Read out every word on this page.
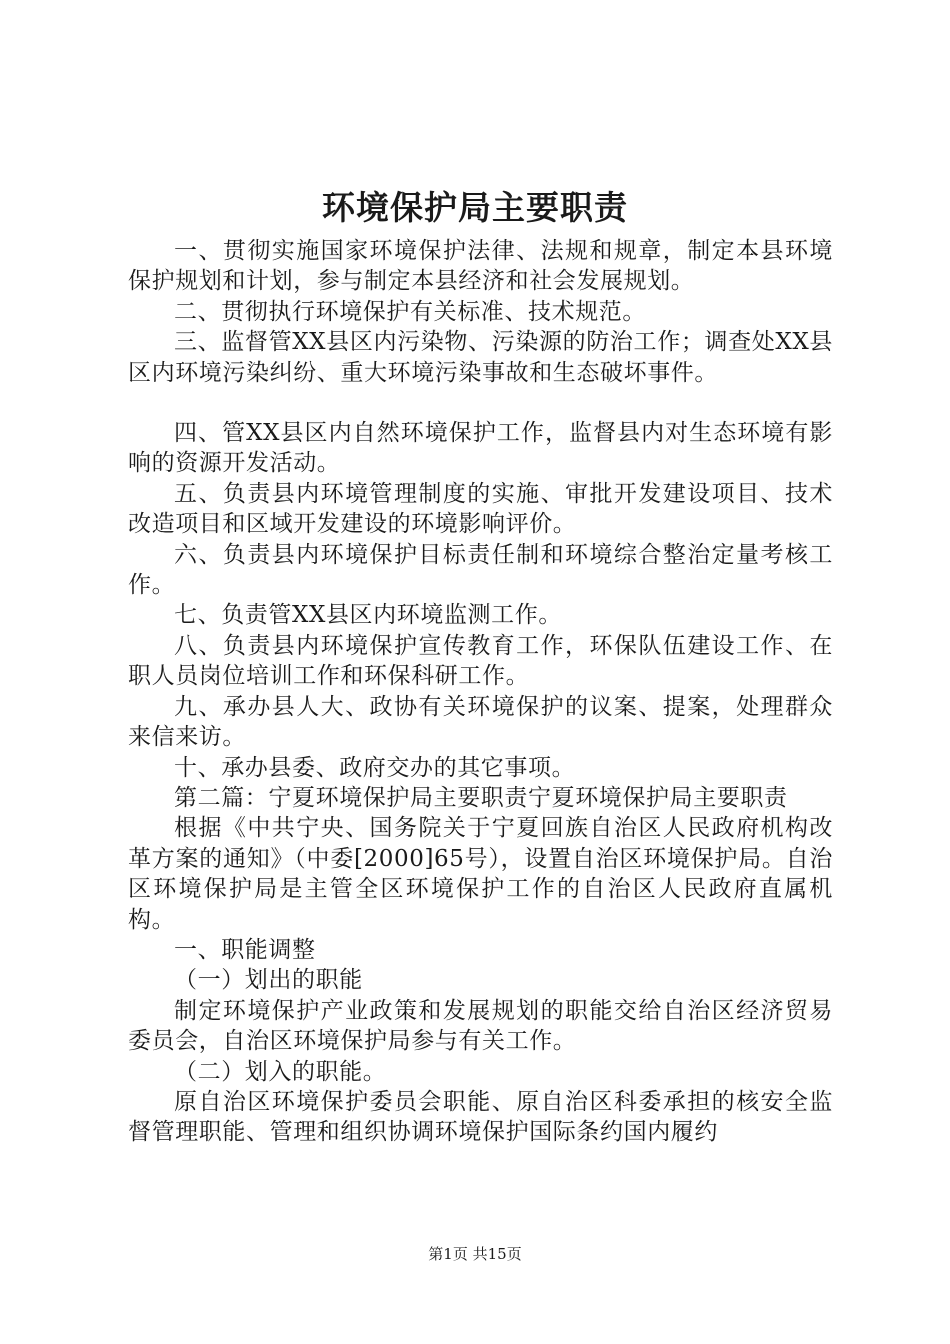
环境保护局主要职责

一、贯彻实施国家环境保护法律、法规和规章，制定本县环境保护规划和计划，参与制定本县经济和社会发展规划。

二、贯彻执行环境保护有关标准、技术规范。

三、监督管XX县区内污染物、污染源的防治工作；调查处XX县区内环境污染纠纷、重大环境污染事故和生态破坏事件。

四、管XX县区内自然环境保护工作，监督县内对生态环境有影响的资源开发活动。

五、负责县内环境管理制度的实施、审批开发建设项目、技术改造项目和区域开发建设的环境影响评价。

六、负责县内环境保护目标责任制和环境综合整治定量考核工作。

七、负责管XX县区内环境监测工作。

八、负责县内环境保护宣传教育工作，环保队伍建设工作、在职人员岗位培训工作和环保科研工作。

九、承办县人大、政协有关环境保护的议案、提案，处理群众来信来访。

十、承办县委、政府交办的其它事项。

第二篇：宁夏环境保护局主要职责宁夏环境保护局主要职责

根据《中共宁央、国务院关于宁夏回族自治区人民政府机构改革方案的通知》（中委[2000]65号），设置自治区环境保护局。自治区环境保护局是主管全区环境保护工作的自治区人民政府直属机构。

一、职能调整

（一）划出的职能

制定环境保护产业政策和发展规划的职能交给自治区经济贸易委员会，自治区环境保护局参与有关工作。

（二）划入的职能。

原自治区环境保护委员会职能、原自治区科委承担的核安全监督管理职能、管理和组织协调环境保护国际条约国内履约

第1页 共15页
